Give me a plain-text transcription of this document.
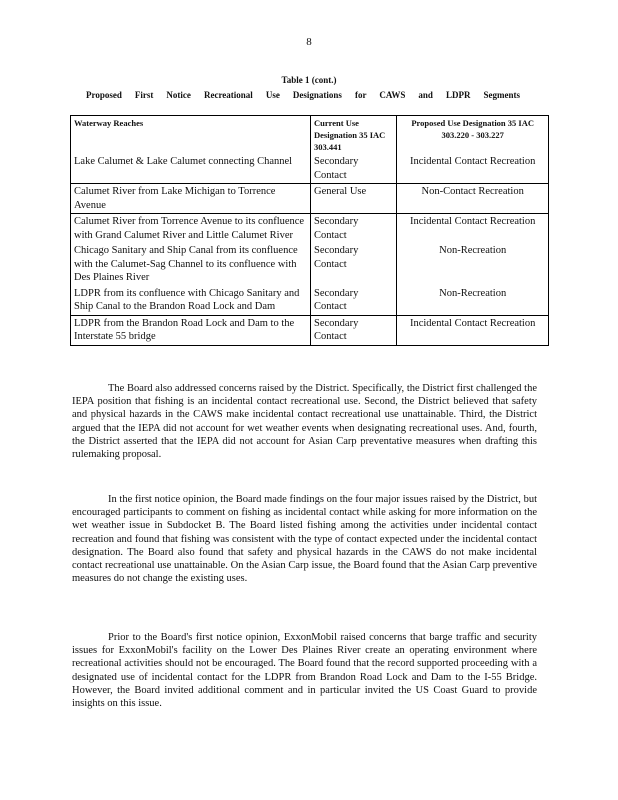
8
Table 1 (cont.)
Proposed First Notice Recreational Use Designations for CAWS and LDPR Segments
Waterway Reaches	Current Use Designation 35 IAC 303.441	Proposed Use Designation 35 IAC 303.220 - 303.227
Lake Calumet & Lake Calumet connecting Channel	Secondary Contact	Incidental Contact Recreation
Calumet River from Lake Michigan to Torrence Avenue	General Use	Non-Contact Recreation
Calumet River from Torrence Avenue to its confluence with Grand Calumet River and Little Calumet River	Secondary Contact	Incidental Contact Recreation
Chicago Sanitary and Ship Canal from its confluence with the Calumet-Sag Channel to its confluence with Des Plaines River	Secondary Contact	Non-Recreation
LDPR from its confluence with Chicago Sanitary and Ship Canal to the Brandon Road Lock and Dam	Secondary Contact	Non-Recreation
LDPR from the Brandon Road Lock and Dam to the Interstate 55 bridge	Secondary Contact	Incidental Contact Recreation

The Board also addressed concerns raised by the District. Specifically, the District first challenged the IEPA position that fishing is an incidental contact recreational use. Second, the District believed that safety and physical hazards in the CAWS make incidental contact recreational use unattainable. Third, the District argued that the IEPA did not account for wet weather events when designating recreational uses. And, fourth, the District asserted that the IEPA did not account for Asian Carp preventative measures when drafting this rulemaking proposal.

In the first notice opinion, the Board made findings on the four major issues raised by the District, but encouraged participants to comment on fishing as incidental contact while asking for more information on the wet weather issue in Subdocket B. The Board listed fishing among the activities under incidental contact recreation and found that fishing was consistent with the type of contact expected under the incidental contact designation. The Board also found that safety and physical hazards in the CAWS do not make incidental contact recreational use unattainable. On the Asian Carp issue, the Board found that the Asian Carp preventive measures do not change the existing uses.

Prior to the Board's first notice opinion, ExxonMobil raised concerns that barge traffic and security issues for ExxonMobil's facility on the Lower Des Plaines River create an operating environment where recreational activities should not be encouraged. The Board found that the record supported proceeding with a designated use of incidental contact for the LDPR from Brandon Road Lock and Dam to the I-55 Bridge. However, the Board invited additional comment and in particular invited the US Coast Guard to provide insights on this issue.
